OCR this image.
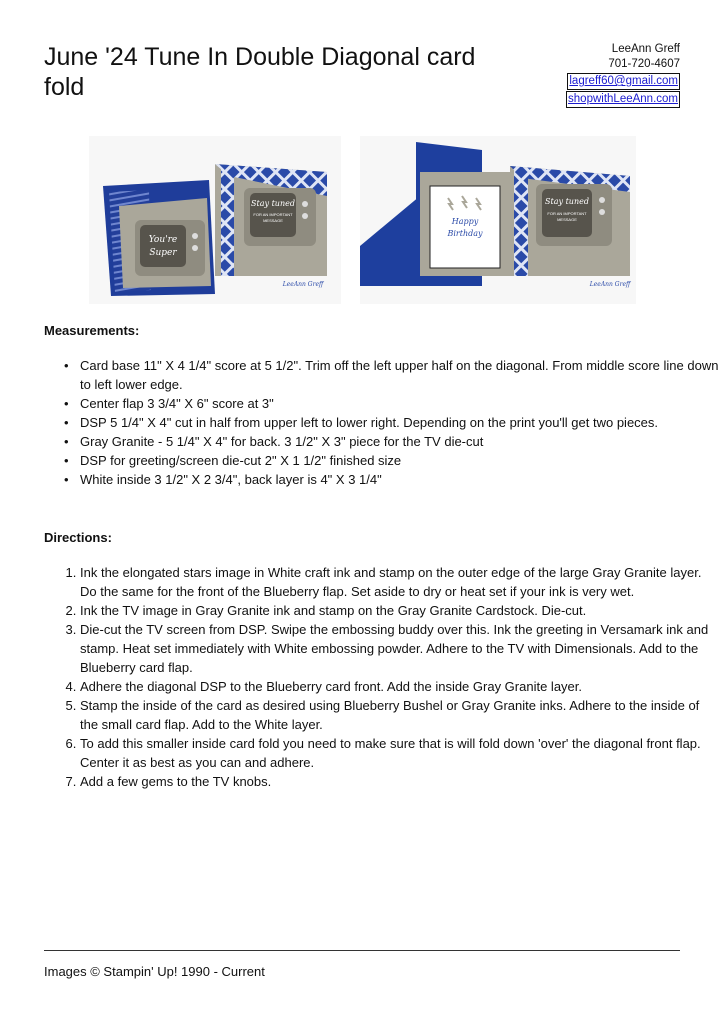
June '24 Tune In Double Diagonal card fold
LeeAnn Greff
701-720-4607
lagreff60@gmail.com
shopwithLeeAnn.com
Stay tuned
FOR AN IMPORTANT
MESSAGE
You're
Super
LeeAnn Greff
Happy
Birthday
Stay tuned
FOR AN IMPORTANT
MESSAGE
LeeAnn Greff
Measurements:
• Card base 11" X 4 1/4" score at 5 1/2". Trim off the left upper half on the diagonal. From middle score line down to left lower edge.
• Center flap 3 3/4" X 6" score at 3"
• DSP 5 1/4" X 4" cut in half from upper left to lower right. Depending on the print you'll get two pieces.
• Gray Granite - 5 1/4" X 4" for back. 3 1/2" X 3" piece for the TV die-cut
• DSP for greeting/screen die-cut 2" X 1 1/2" finished size
• White inside 3 1/2" X 2 3/4", back layer is 4" X 3 1/4"
Directions:
1. Ink the elongated stars image in White craft ink and stamp on the outer edge of the large Gray Granite layer. Do the same for the front of the Blueberry flap. Set aside to dry or heat set if your ink is very wet.
2. Ink the TV image in Gray Granite ink and stamp on the Gray Granite Cardstock. Die-cut.
3. Die-cut the TV screen from DSP. Swipe the embossing buddy over this. Ink the greeting in Versamark ink and stamp. Heat set immediately with White embossing powder. Adhere to the TV with Dimensionals. Add to the Blueberry card flap.
4. Adhere the diagonal DSP to the Blueberry card front. Add the inside Gray Granite layer.
5. Stamp the inside of the card as desired using Blueberry Bushel or Gray Granite inks. Adhere to the inside of the small card flap. Add to the White layer.
6. To add this smaller inside card fold you need to make sure that is will fold down 'over' the diagonal front flap. Center it as best as you can and adhere.
7. Add a few gems to the TV knobs.
Images © Stampin' Up! 1990 - Current
